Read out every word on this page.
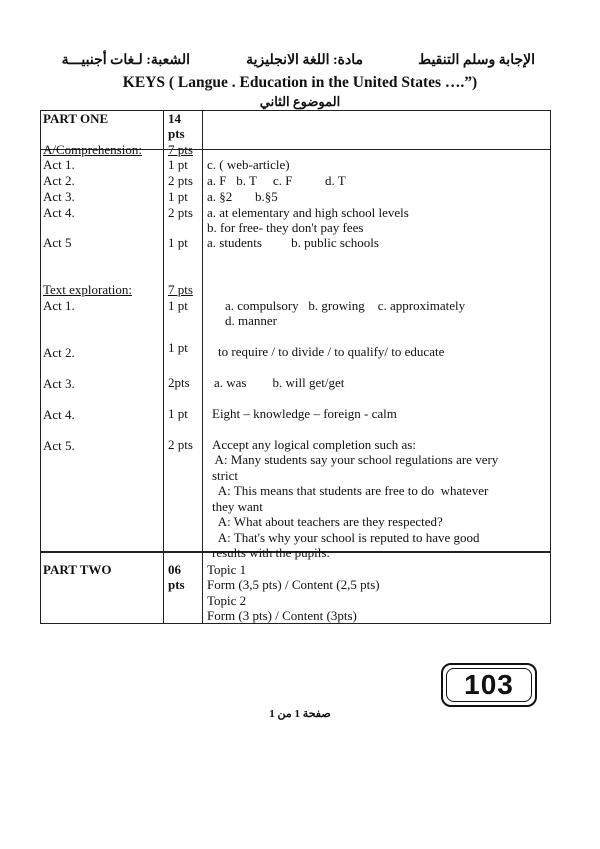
الإجابة وسلم التنقيط
مادة: اللغة الانجليزية
الشعبة: لـغات أجنبيـــة
KEYS ( Langue . Education in the United States ….”)
الموضوع الثاني
PART ONE	14
pts
A/Comprehension: 7 pts
Act 1.	1 pt c. ( web-article)
Act 2.	2 pts a. F   b. T     c. F          d. T
Act 3.	1 pt a. §2       b.§5
Act 4.	2 pts a. at elementary and high school levels
b. for free- they don't pay fees
Act 5	1 pt a. students         b. public schools
Text exploration:	7 pts
Act 1.	1 pt	a. compulsory   b. growing    c. approximately
d. manner
Act 2.	1 pt to require / to divide / to qualify/ to educate
Act 3.	2pts a. was        b. will get/get
Act 4.	1 pt Eight – knowledge – foreign - calm
Act 5.	2 pts Accept any logical completion such as:
A: Many students say your school regulations are very
strict
A: This means that students are free to do  whatever
they want
A: What about teachers are they respected?
A: That's why your school is reputed to have good
results with the pupils.
PART TWO	06
pts
Topic 1
Form (3,5 pts) / Content (2,5 pts)
Topic 2
Form (3 pts) / Content (3pts)
103
صفحة 1 من 1
